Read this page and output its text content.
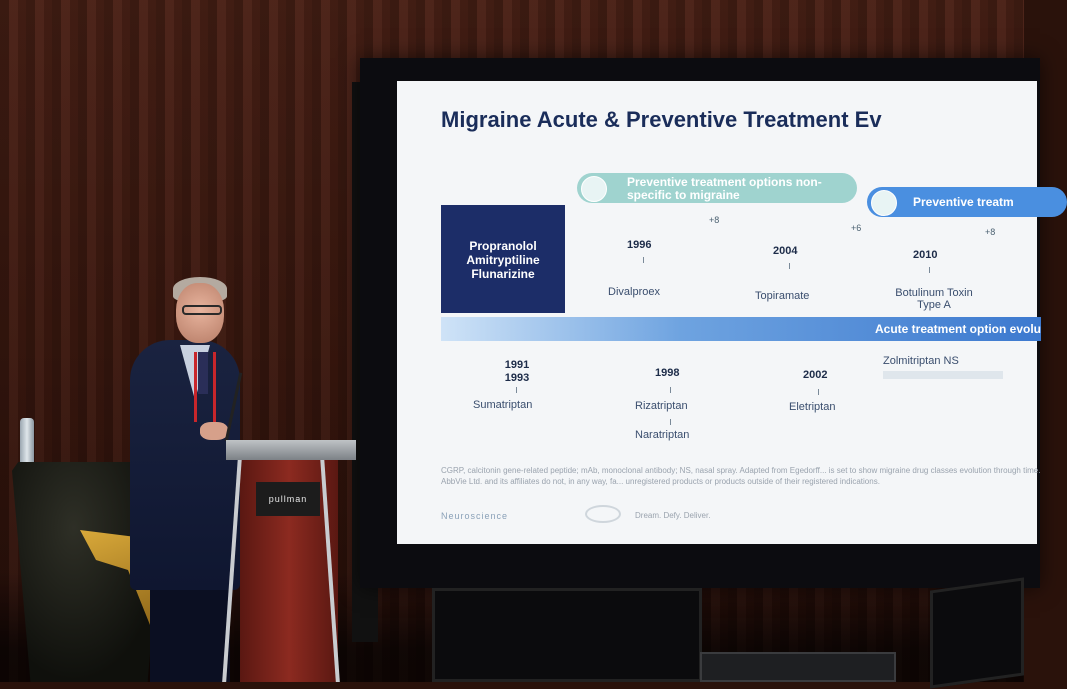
Migraine Acute & Preventive Treatment Ev
Preventive treatment options non-specific to migraine	Preventive treatm
Propranolol
Amitryptiline
Flunarizine
+8
+6	+8
1996	2004	2010
Divalproex	Topiramate	Botulinum Toxin Type A
Acute treatment option evolu
Zolmitriptan NS
1991 1993	1998	2002
Sumatriptan	Rizatriptan	Eletriptan
Naratriptan
CGRP, calcitonin gene-related peptide; mAb, monoclonal antibody; NS, nasal spray. Adapted from Egedorff... is set to show migraine drug classes evolution through time. AbbVie Ltd. and its affiliates do not, in any way, fa... unregistered products or products outside of their registered indications.
Neuroscience	Dream. Defy. Deliver.
pullman
